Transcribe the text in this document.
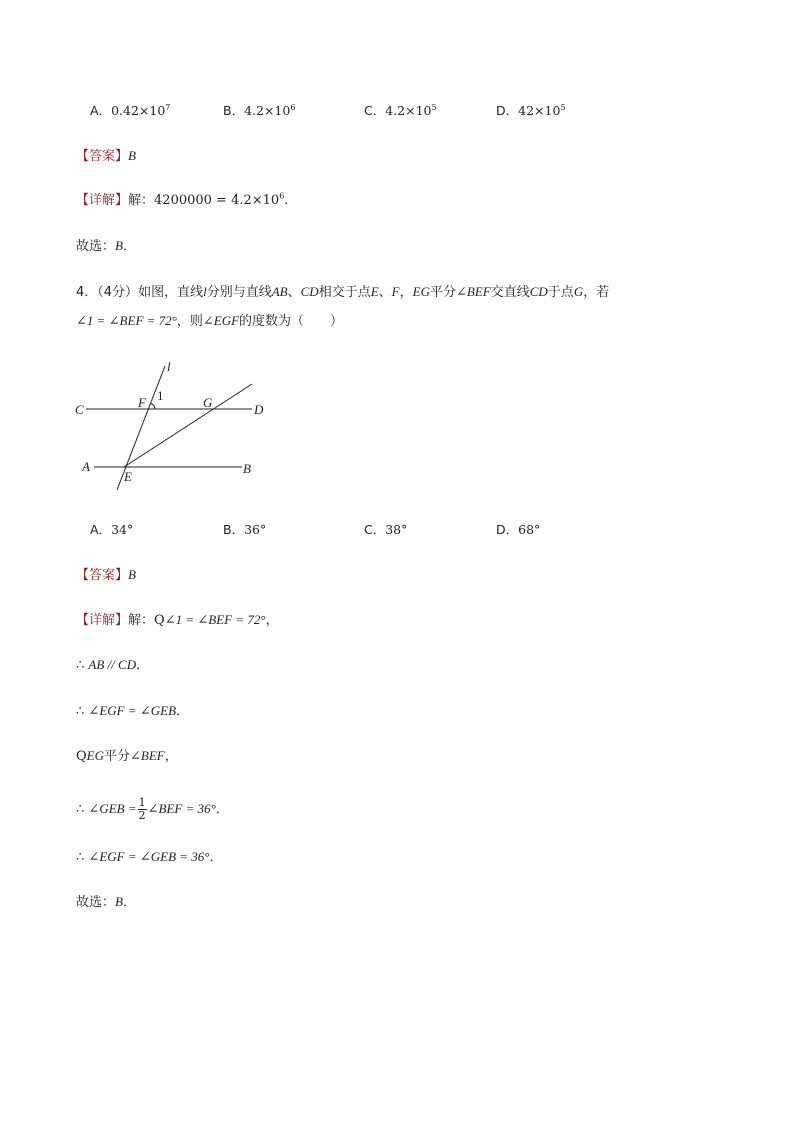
A．$0.42\times 10^7$	B．$4.2\times 10^6$	C．$4.2\times 10^5$	D．$42\times 10^5$
【答案】B
【详解】解：$4200000 = 4.2\times 10^6$．
故选：B．
4．（4分）如图，直线l分别与直线AB、CD相交于点E、F，EG平分∠BEF交直线CD于点G，若
∠1 = ∠BEF = 72°，则∠EGF的度数为（　　）
l
F 1	G
C	D
A	B
E
A．34°	B．36°	C．38°	D．68°
【答案】B
【详解】解：Q∠1 = ∠BEF = 72°，
∴ AB // CD．
∴ ∠EGF = ∠GEB．
QEG平分∠BEF，
∴ ∠GEB = $\frac{1}{2}$ ∠BEF = 36°．
∴ ∠EGF = ∠GEB = 36°．
故选：B．
